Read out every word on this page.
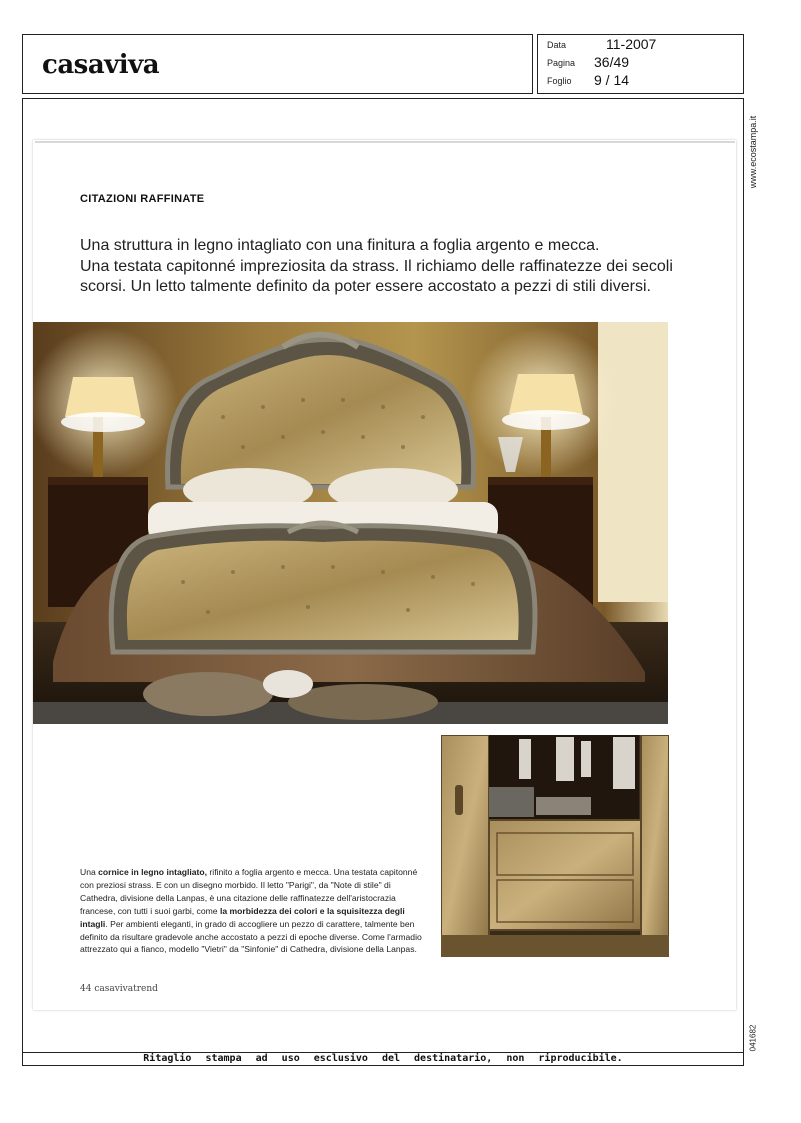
casaviva
Data	11-2007
Pagina 36/49
Foglio 9 / 14
www.ecostampa.it
041682
CITAZIONI RAFFINATE
Una struttura in legno intagliato con una finitura a foglia argento e mecca.
Una testata capitonné impreziosita da strass. Il richiamo delle raffinatezze dei secoli
scorsi. Un letto talmente definito da poter essere accostato a pezzi di stili diversi.
Una cornice in legno intagliato, rifinito a foglia argento e mecca. Una testata capitonné con preziosi strass. E con un disegno morbido. Il letto "Parigi", da "Note di stile" di Cathedra, divisione della Lanpas, è una citazione delle raffinatezze dell'aristocrazia francese, con tutti i suoi garbi, come la morbidezza dei colori e la squisitezza degli intagli. Per ambienti eleganti, in grado di accogliere un pezzo di carattere, talmente ben definito da risultare gradevole anche accostato a pezzi di epoche diverse. Come l'armadio attrezzato qui a fianco, modello "Vietri" da "Sinfonie" di Cathedra, divisione della Lanpas.
44 casavivatrend
Ritaglio stampa ad uso esclusivo del destinatario, non riproducibile.
